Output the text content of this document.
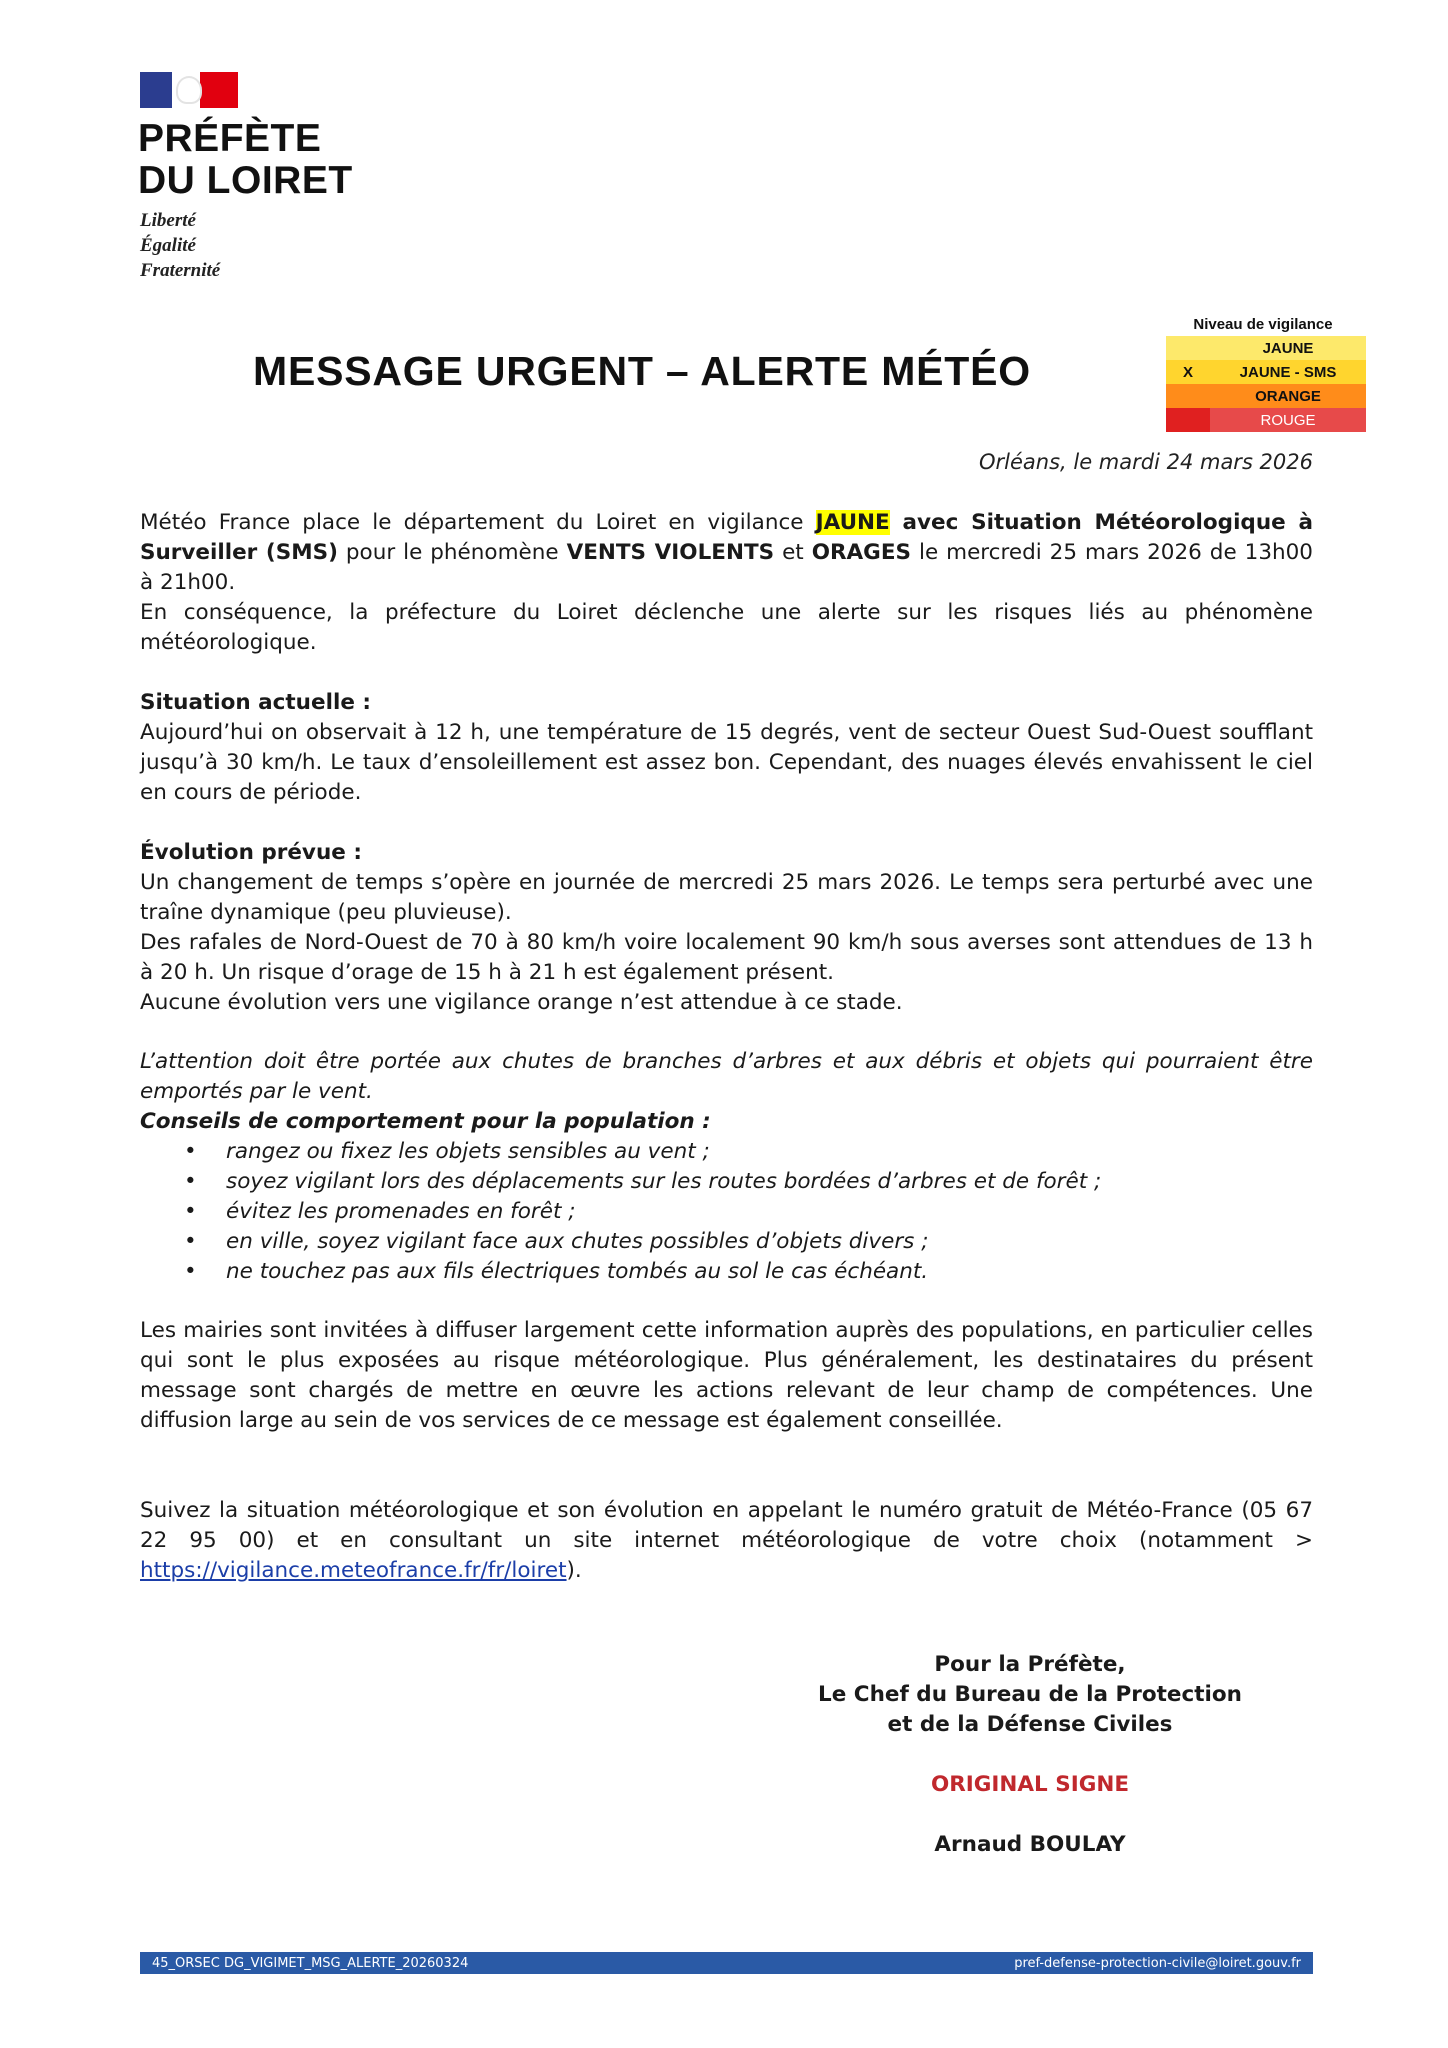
PRÉFÈTE
DU LOIRET
Liberté
Égalité
Fraternité
MESSAGE URGENT – ALERTE MÉTÉO
Niveau de vigilance
JAUNE
X	JAUNE - SMS
ORANGE
ROUGE
Orléans, le mardi 24 mars 2026

Météo France place le département du Loiret en vigilance JAUNE avec Situation Météorologique à Surveiller (SMS) pour le phénomène VENTS VIOLENTS et ORAGES le mercredi 25 mars 2026 de 13h00 à 21h00.

En conséquence, la préfecture du Loiret déclenche une alerte sur les risques liés au phénomène météorologique.

Situation actuelle :

Aujourd’hui on observait à 12 h, une température de 15 degrés, vent de secteur Ouest Sud-Ouest soufflant jusqu’à 30 km/h. Le taux d’ensoleillement est assez bon. Cependant, des nuages élevés envahissent le ciel en cours de période.

Évolution prévue :

Un changement de temps s’opère en journée de mercredi 25 mars 2026. Le temps sera perturbé avec une traîne dynamique (peu pluvieuse).

Des rafales de Nord-Ouest de 70 à 80 km/h voire localement 90 km/h sous averses sont attendues de 13 h à 20 h. Un risque d’orage de 15 h à 21 h est également présent.

Aucune évolution vers une vigilance orange n’est attendue à ce stade.

L’attention doit être portée aux chutes de branches d’arbres et aux débris et objets qui pourraient être emportés par le vent.

Conseils de comportement pour la population :

• rangez ou fixez les objets sensibles au vent ;
• soyez vigilant lors des déplacements sur les routes bordées d’arbres et de forêt ;
• évitez les promenades en forêt ;
• en ville, soyez vigilant face aux chutes possibles d’objets divers ;
• ne touchez pas aux fils électriques tombés au sol le cas échéant.
Les mairies sont invitées à diffuser largement cette information auprès des populations, en particulier celles qui sont le plus exposées au risque météorologique. Plus généralement, les destinataires du présent message sont chargés de mettre en œuvre les actions relevant de leur champ de compétences. Une diffusion large au sein de vos services de ce message est également conseillée.

Suivez la situation météorologique et son évolution en appelant le numéro gratuit de Météo-France (05 67 22 95 00) et en consultant un site internet météorologique de votre choix (notamment > https://vigilance.meteofrance.fr/fr/loiret).

Pour la Préfète,
Le Chef du Bureau de la Protection
et de la Défense Civiles
ORIGINAL SIGNE
Arnaud BOULAY
45_ORSEC DG_VIGIMET_MSG_ALERTE_20260324	pref-defense-protection-civile@loiret.gouv.fr
